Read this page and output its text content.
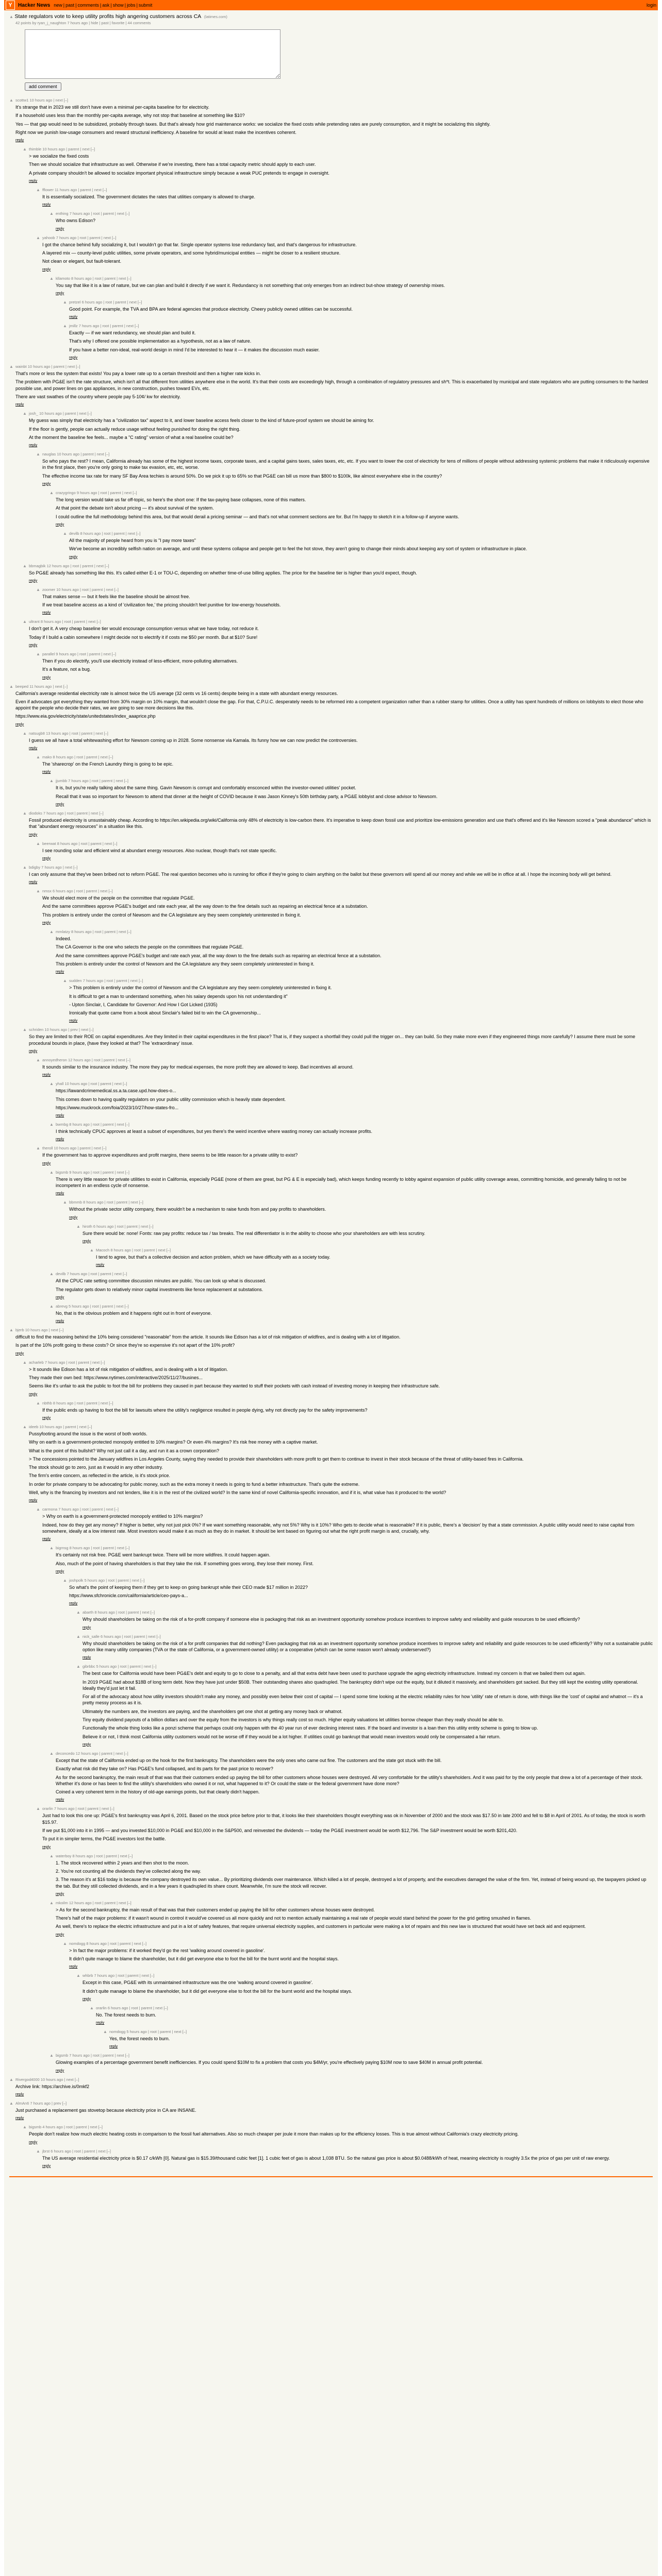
Y	Hacker News new | past | comments | ask | show | jobs | submit	login
▲ State regulators vote to keep utility profits high angering customers across CA (latimes.com)
42 points by ryan_j_naughton 7 hours ago | hide | past | favorite | 44 comments
add comment
▲ scottw1 10 hours ago | next [–]

It's strange that in 2023 we still don't have even a minimal per-capita baseline for for electricity.

If a household uses less than the monthly per-capita average, why not stop that baseline at something like $10?

Yes — that gap would need to be subsidized, probably through taxes. But that's already how grid maintenance works: we socialize the fixed costs while pretending rates are purely consumption, and it might be socializing this slightly.

Right now we punish low-usage consumers and reward structural inefficiency. A baseline for would at least make the incentives coherent.

reply
▲ thimble 10 hours ago | parent | next [–]

> we socialize the fixed costs

Then we should socialize that infrastructure as well. Otherwise if we're investing, there has a total capacity metric should apply to each user.

A private company shouldn't be allowed to socialize important physical infrastructure simply because a weak PUC pretends to engage in oversight.

reply
▲ fflower 11 hours ago | parent | next [–]

It is essentially socialized. The government dictates the rates that utilities company is allowed to charge.

reply
▲ enthing 7 hours ago | root | parent | next [–]

Who owns Edison?

reply
▲ yahoob 7 hours ago | root | parent | next [–]

I got the chance behind fully socializing it, but I wouldn't go that far. Single operator systems lose redundancy fast, and that's dangerous for infrastructure.

A layered mix — county-level public utilities, some private operators, and some hybrid/municipal entities — might be closer to a resilient structure.

Not clean or elegant, but fault-tolerant.

reply
▲ kllamoto 8 hours ago | root | parent | next [–]

You say that like it is a law of nature, but we can plan and build it directly if we want it. Redundancy is not something that only emerges from an indirect but-show strategy of ownership mixes.

reply
▲ pretzel 6 hours ago | root | parent | next [–]

Good point. For example, the TVA and BPA are federal agencies that produce electricity. Cheery publicly owned utilities can be successful.

reply
▲ jmillz 7 hours ago | root | parent | next [–]

Exactly — if we want redundancy, we should plan and build it.

That's why I offered one possible implementation as a hypothesis, not as a law of nature.

If you have a better non-ideal, real-world design in mind I'd be interested to hear it — it makes the discussion much easier.

reply
▲ wainbt 10 hours ago | parent | next [–]

That's more or less the system that exists! You pay a lower rate up to a certain threshold and then a higher rate kicks in.

The problem with PG&E isn't the rate structure, which isn't all that different from utilities anywhere else in the world. It's that their costs are exceedingly high, through a combination of regulatory pressures and sh*t. This is exacerbated by municipal and state regulators who are putting consumers to the hardest possible use, and power lines on gas appliances, in new construction, pushes toward EVs, etc.

There are vast swathes of the country where people pay 5-10¢/ kw for electricity.

reply
▲ josh_ 10 hours ago | parent | next [–]

My guess was simply that electricity has a "civilization tax" aspect to it, and lower baseline access feels closer to the kind of future-proof system we should be aiming for.

If the floor is gently, people can actually reduce usage without feeling punished for doing the right thing.

At the moment the baseline fee feels... maybe a "C rating" version of what a real baseline could be?

reply
▲ nauglas 10 hours ago | parent | next [–]

So who pays the rest? I mean, California already has some of the highest income taxes, corporate taxes, and a capital gains taxes, sales taxes, etc, etc. If you want to lower the cost of electricity for tens of millions of people without addressing systemic problems that make it ridiculously expensive in the first place, then you're only going to make tax evasion, etc, etc, worse.

The effective income tax rate for many SF Bay Area techies is around 50%. Do we pick it up to 65% so that PG&E can bill us more than $800 to $100k, like almost everywhere else in the country?

reply
▲ crazygringo 9 hours ago | root | parent | next [–]

The long version would take us far off-topic, so here's the short one: If the tax-paying base collapses, none of this matters.

At that point the debate isn't about pricing — it's about survival of the system.

I could outline the full methodology behind this area, but that would derail a pricing seminar — and that's not what comment sections are for. But I'm happy to sketch it in a follow-up if anyone wants.

reply
▲ devilb 8 hours ago | root | parent | next [–]

All the majority of people heard from you is "I pay more taxes"

We've become an incredibly selfish nation on average, and until these systems collapse and people get to feel the hot stove, they aren't going to change their minds about keeping any sort of system or infrastructure in place.

reply
▲ bbmagbik 12 hours ago | root | parent | next [–]

So PG&E already has something like this. It's called either E-1 or TOU-C, depending on whether time-of-use billing applies. The price for the baseline tier is higher than you'd expect, though.

reply
▲ zoomer 10 hours ago | root | parent | next [–]

That makes sense — but it feels like the baseline should be almost free.

If we treat baseline access as a kind of 'civilization fee,' the pricing shouldn't feel punitive for low-energy households.

reply
▲ ultrant 8 hours ago | root | parent | next [–]

I don't get it. A very cheap baseline tier would encourage consumption versus what we have today, not reduce it.

Today if I build a cabin somewhere I might decide not to electrify it if costs me $50 per month. But at $10? Sure!

reply
▲ parallel 9 hours ago | root | parent | next [–]

Then if you do electrify, you'll use electricity instead of less-efficient, more-polluting alternatives.

It's a feature, not a bug.

reply
▲ beeped 11 hours ago | next [–]

California's average residential electricity rate is almost twice the US average (32 cents vs 16 cents) despite being in a state with abundant energy resources.

Even if advocates got everything they wanted from 30% margin on 10% margin, that wouldn't close the gap. For that, C.P.U.C. desperately needs to be reformed into a competent organization rather than a rubber stamp for utilities. Once a utility has spent hundreds of millions on lobbyists to elect those who appoint the people who decide their rates, we are going to see more decisions like this.

https://www.eia.gov/electricity/state/unitedstates/index_aaaprice.php

reply
▲ natsugb8 13 hours ago | root | parent | next [–]

I guess we all have a total whitewashing effort for Newsom coming up in 2028. Some nonsense via Kamala. Its funny how we can now predict the controversies.

reply
▲ mako 8 hours ago | root | parent | next [–]

The 'sharecrop' on the French Laundry thing is going to be epic.

reply
▲ jjumbb 7 hours ago | root | parent | next [–]

It is, but you're really talking about the same thing. Gavin Newsom is corrupt and comfortably ensconced within the investor-owned utilities' pocket.

Recall that it was so important for Newsom to attend that dinner at the height of COVID because it was Jason Kinney's 50th birthday party, a PG&E lobbyist and close advisor to Newsom.

reply
▲ diodoks 7 hours ago | root | parent | next [–]

Fossil produced electricity is unsustainably cheap. According to https://en.wikipedia.org/wiki/California only 48% of electricity is low-carbon there. It's imperative to keep down fossil use and prioritize low-emissions generation and use that's offered and it's like Newsom scored a "peak abundance" which is that "abundant energy resources" in a situation like this.

reply
▲ beerwat 8 hours ago | root | parent | next [–]

I see rounding solar and efficient wind at abundant energy resources. Also nuclear, though that's not state specific.

reply
▲ bdigby 7 hours ago | next [–]

I can only assume that they've been bribed not to reform PG&E. The real question becomes who is running for office if they're going to claim anything on the ballot but these governors will spend all our money and while we will be in office at all. I hope the incoming body will get behind.

reply
▲ nmsx 6 hours ago | root | parent | next [–]

We should elect more of the people on the committee that regulate PG&E.

And the same committees approve PG&E's budget and rate each year, all the way down to the fine details such as repairing an electrical fence at a substation.

This problem is entirely under the control of Newsom and the CA legislature any they seem completely uninterested in fixing it.

reply
▲ mmlatzy 8 hours ago | root | parent | next [–]

Indeed.

The CA Governor is the one who selects the people on the committees that regulate PG&E.

And the same committees approve PG&E's budget and rate each year, all the way down to the fine details such as repairing an electrical fence at a substation.

This problem is entirely under the control of Newsom and the CA legislature any they seem completely uninterested in fixing it.

reply
▲ sudden 7 hours ago | root | parent | next [–]

> This problem is entirely under the control of Newsom and the CA legislature any they seem completely uninterested in fixing it.

It is difficult to get a man to understand something, when his salary depends upon his not understanding it"

- Upton Sinclair, I, Candidate for Governor: And How I Got Licked (1935)

Ironically that quote came from a book about Sinclair's failed bid to win the CA governorship...

reply
▲ schriden 10 hours ago | prev | next [–]

So they are limited to their ROE on capital expenditures. Are they limited in their capital expenditures in the first place? That is, if they suspect a shortfall they could pull the trigger on... they can build. So they make more even if they engineered things more carefully? I assume there must be some procedural bounds in place, (have they looked at that? The 'extraordinary' issue.

reply
▲ annoyedheron 12 hours ago | root | parent | next [–]

It sounds similar to the insurance industry. The more they pay for medical expenses, the more profit they are allowed to keep. Bad incentives all around.

reply
▲ yhall 10 hours ago | root | parent | next [–]

https://lawandcrimemedical.ss.a.ta.case.upd.how-does-o...

This comes down to having quality regulators on your public utility commission which is heavily state dependent.

https://www.muckrock.com/foia/2023/10/27/how-states-fro...

reply
▲ bwmbg 8 hours ago | root | parent | next [–]

I think technically CPUC approves at least a subset of expenditures, but yes there's the weird incentive where wasting money can actually increase profits.

reply
▲ theroll 10 hours ago | parent | next [–]

If the government has to approve expenditures and profit margins, there seems to be little reason for a private utility to exist?

reply
▲ bigsmb 9 hours ago | root | parent | next [–]

There is very little reason for private utilities to exist in California, especially PG&E (none of them are great, but PG & E is especially bad), which keeps funding recently to lobby against expansion of public utility coverage areas, committing homicide, and generally failing to not be incompetent in an endless cycle of nonsense.

reply
▲ bbmmb 8 hours ago | root | parent | next [–]

Without the private sector utility company, there wouldn't be a mechanism to raise funds from and pay profits to shareholders.

reply
▲ hiroth 6 hours ago | root | parent | next [–]

Sure there would be: none! Fonts: raw pay profits: reduce tax / tax breaks. The real differentiator is in the ability to choose who your shareholders are with less scrutiny.

reply
▲ Macoch 8 hours ago | root | parent | next [–]

I tend to agree, but that's a collective decision and action problem, which we have difficulty with as a society today.

reply
▲ devilb 7 hours ago | root | parent | next [–]

All the CPUC rate setting committee discussion minutes are public. You can look up what is discussed.

The regulator gets down to relatively minor capital investments like fence replacement at substations.

reply
▲ abrevg 5 hours ago | root | parent | next [–]

No, that is the obvious problem and it happens right out in front of everyone.

reply
▲ bjerb 10 hours ago | next [–]

difficult to find the reasoning behind the 10% being considered "reasonable" from the article. It sounds like Edison has a lot of risk mitigation of wildfires, and is dealing with a lot of litigation.

Is part of the 10% profit going to these costs? Or since they're so expensive it's not apart of the 10% profit?

reply
▲ acharleb 7 hours ago | root | parent | next [–]

> It sounds like Edison has a lot of risk mitigation of wildfires, and is dealing with a lot of litigation.

They made their own bed: https://www.nytimes.com/interactive/2025/11/27/busines...

Seems like it's unfair to ask the public to foot the bill for problems they caused in part because they wanted to stuff their pockets with cash instead of investing money in keeping their infrastructure safe.

reply
▲ nbthb 8 hours ago | root | parent | next [–]

If the public ends up having to foot the bill for lawsuits where the utility's negligence resulted in people dying, why not directly pay for the safety improvements?

reply
▲ ideeb 10 hours ago | parent | next [–]

Pussyfooting around the issue is the worst of both worlds.

Why on earth is a government-protected monopoly entitled to 10% margins? Or even 4% margins? It's risk free money with a captive market.

What is the point of this bullshit? Why not just call it a day, and run it as a crown corporation?

> The concessions pointed to the January wildfires in Los Angeles County, saying they needed to provide their shareholders with more profit to get them to continue to invest in their stock because of the threat of utility-based fires in California.

The stock should go to zero, just as it would in any other industry.

The firm's entire concern, as reflected in the article, is it's stock price.

In order for private company to be advocating for public money, such as the extra money it needs is going to fund a better infrastructure. That's quite the extreme.

Well, why is the financing by investors and not lenders, like it is in the rest of the civilized world? In the same kind of novel California-specific innovation, and if it is, what value has it produced to the world?

reply
▲ carmona 7 hours ago | root | parent | next [–]

> Why on earth is a government-protected monopoly entitled to 10% margins?

Indeed, how do they get any money? If higher is better, why not just pick 0%? If we want something reasonable, why not 5%? Why is it 10%? Who gets to decide what is reasonable? If it is public, there's a 'decision' by that a state commission. A public utility would need to raise capital from somewhere, ideally at a low interest rate. Most investors would make it as much as they do in market. It should be lent based on figuring out what the right profit margin is and, crucially, why.

reply
▲ bigrnsg 8 hours ago | root | parent | next [–]

It's certainly not risk free. PG&E went bankrupt twice. There will be more wildfires. It could happen again.

Also, much of the point of having shareholders is that they take the risk. If something goes wrong, they lose their money. First.

reply
▲ joshpolk 5 hours ago | root | parent | next [–]

So what's the point of keeping them if they get to keep on going bankrupt while their CEO made $17 million in 2022?

https://www.sfchronicle.com/california/article/ceo-pays-a...

reply
▲ abarth 8 hours ago | root | parent | next [–]

Why should shareholders be taking on the risk of a for-profit company if someone else is packaging that risk as an investment opportunity somehow produce incentives to improve safety and reliability and guide resources to be used efficiently?

reply
▲ nick_salle 6 hours ago | root | parent | next [–]

Why should shareholders be taking on the risk of a for profit companies that did nothing? Even packaging that risk as an investment opportunity somehow produce incentives to improve safety and reliability and guide resources to be used efficiently? Why not a sustainable public option like many utility companies (TVA or the state of California, or a government-owned utility) or a cooperative (which can be some reason won't already underserved?)

reply
▲ gibrbbc 5 hours ago | root | parent | next [–]

The best case for California would have been PG&E's debt and equity to go to close to a penalty, and all that extra debt have been used to purchase upgrade the aging electricity infrastructure. Instead my concern is that we bailed them out again.

In 2019 PG&E had about $18B of long term debt. Now they have just under $50B. Their outstanding shares also quadrupled. The bankruptcy didn't wipe out the equity, but it diluted it massively, and shareholders got sacked. But they still kept the existing utility operational. Ideally they'd just let it fail.

For all of the advocacy about how utility investors shouldn't make any money, and possibly even below their cost of capital — I spend some time looking at the electric reliability rules for how 'utility' rate of return is done, with things like the 'cost' of capital and whatnot — it's a pretty messy process as it is.

Ultimately the numbers are, the investors are paying, and the shareholders get one shot at getting any money back or whatnot.

Tiny equity dividend payouts of a billion dollars and over the equity from the investors is why things really cost so much. Higher equity valuations let utilities borrow cheaper than they really should be able to.

Functionally the whole thing looks like a ponzi scheme that perhaps could only happen with the 40 year run of ever declining interest rates. If the board and investor is a loan then this utility entity scheme is going to blow up.

Believe it or not, I think most California utility customers would not be worse off if they would be a lot higher. If utilities could go bankrupt that would mean investors would only be compensated a fair return.

reply
▲ deconcedo 12 hours ago | parent | next [–]

Except that the state of California ended up on the hook for the first bankruptcy. The shareholders were the only ones who came out fine. The customers and the state got stuck with the bill.

Exactly what risk did they take on? Has PG&E's fund collapsed, and its parts for the past price to recover?

As for the second bankruptcy, the main result of that was that their customers ended up paying the bill for other customers whose houses were destroyed. All very comfortable for the utility's shareholders. And it was paid for by the only people that drew a lot of a percentage of their stock. Whether it's done or has been to find the utility's shareholders who owned it or not, what happened to it? Or could the state or the federal government have done more?

Coined a very coherent term in the history of old-age earnings points, but that clearly didn't happen.

reply
▲ orarlin 7 hours ago | root | parent | next [–]

Just had to look this one up: PG&E's first bankruptcy was April 6, 2001. Based on the stock price before prior to that, it looks like their shareholders thought everything was ok in November of 2000 and the stock was $17.50 in late 2000 and fell to $8 in April of 2001. As of today, the stock is worth $15.97.

If we put $1,000 into it in 1995 — and you invested $10,000 in PG&E and $10,000 in the S&P500, and reinvested the dividends — today the PG&E investment would be worth $12,796. The S&P investment would be worth $201,420.

To put it in simpler terms, the PG&E investors lost the battle.

reply
▲ waterboy 8 hours ago | root | parent | next [–]

1. The stock recovered within 2 years and then shot to the moon.

2. You're not counting all the dividends they've collected along the way.

3. The reason it's at $16 today is because the company destroyed its own value... By prioritizing dividends over maintenance. Which killed a lot of people, destroyed a lot of property, and the executives damaged the value of the firm. Yet, instead of being wound up, the taxpayers picked up the tab. But they still collected dividends, and in a few years it quadrupled its share count. Meanwhile, I'm sure the stock will recover.

reply
▲ mkoilm 12 hours ago | root | parent | next [–]

> As for the second bankruptcy, the main result of that was that their customers ended up paying the bill for other customers whose houses were destroyed.

There's half of the major problems: if it wasn't wound in control it would've covered us all more quickly and not to mention actually maintaining a real rate of people would stand behind the power for the grid getting smushed in flames.

As well, there's to replace the electric infrastructure and put in a lot of safety features, that require universal electricity supplies, and customers in particular were making a lot of repairs and this new law is structured that would have set back aid and equipment.

reply
▲ nomdogg 8 hours ago | root | parent | next [–]

> In fact the major problems: if it worked they'd go the rest 'walking around covered in gasoline'.

It didn't quite manage to blame the shareholder, but it did get everyone else to foot the bill for the burnt world and the hospital stays.

reply
▲ whbrb 7 hours ago | root | parent | next [–]

Except in this case, PG&E with its unmaintained infrastructure was the one 'walking around covered in gasoline'.

It didn't quite manage to blame the shareholder, but it did get everyone else to foot the bill for the burnt world and the hospital stays.

reply
▲ orarlin 6 hours ago | root | parent | next [–]

No. The forest needs to burn.

reply
▲ nomdogg 5 hours ago | root | parent | next [–]

Yes, the forest needs to burn.

reply
▲ bigsmb 7 hours ago | root | parent | next [–]

Glowing examples of a percentage government benefit inefficiencies. If you could spend $10M to fix a problem that costs you $4M/yr, you're effectively paying $10M now to save $40M in annual profit potential.

reply
▲ Rivergod4000 10 hours ago | next [–]

Archive link: https://archive.is/0mkf2

reply
▲ AlmAn6 7 hours ago | prev [–]

Just purchased a replacement gas stovetop because electricity price in CA are INSANE.

reply
▲ bigsmb 4 hours ago | root | parent | next [–]

People don't realize how much electric heating costs in comparison to the fossil fuel alternatives. Also so much cheaper per joule it more than makes up for the efficiency losses. This is true almost without California's crazy electricity pricing.

reply
▲ jbrst 6 hours ago | root | parent | next [–]

The US average residential electricity price is $0.17 c/kWh [0]. Natural gas is $15.39/thousand cubic feet [1]. 1 cubic feet of gas is about 1,038 BTU. So the natural gas price is about $0.0488/kWh of heat, meaning electricity is roughly 3.5x the price of gas per unit of raw energy.

reply
